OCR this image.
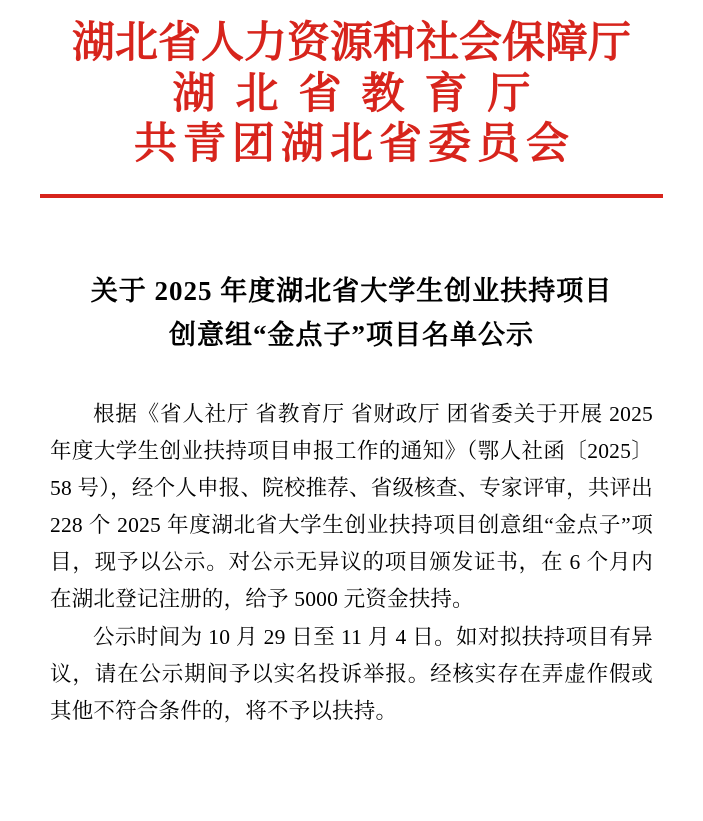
湖北省人力资源和社会保障厅
湖北省教育厅
共青团湖北省委员会
关于 2025 年度湖北省大学生创业扶持项目
创意组“金点子”项目名单公示

根据《省人社厅 省教育厅 省财政厅 团省委关于开展 2025 年度大学生创业扶持项目申报工作的通知》（鄂人社函〔2025〕58 号），经个人申报、院校推荐、省级核查、专家评审，共评出 228 个 2025 年度湖北省大学生创业扶持项目创意组“金点子”项目，现予以公示。对公示无异议的项目颁发证书，在 6 个月内在湖北登记注册的，给予 5000 元资金扶持。

公示时间为 10 月 29 日至 11 月 4 日。如对拟扶持项目有异议，请在公示期间予以实名投诉举报。经核实存在弄虚作假或其他不符合条件的，将不予以扶持。
